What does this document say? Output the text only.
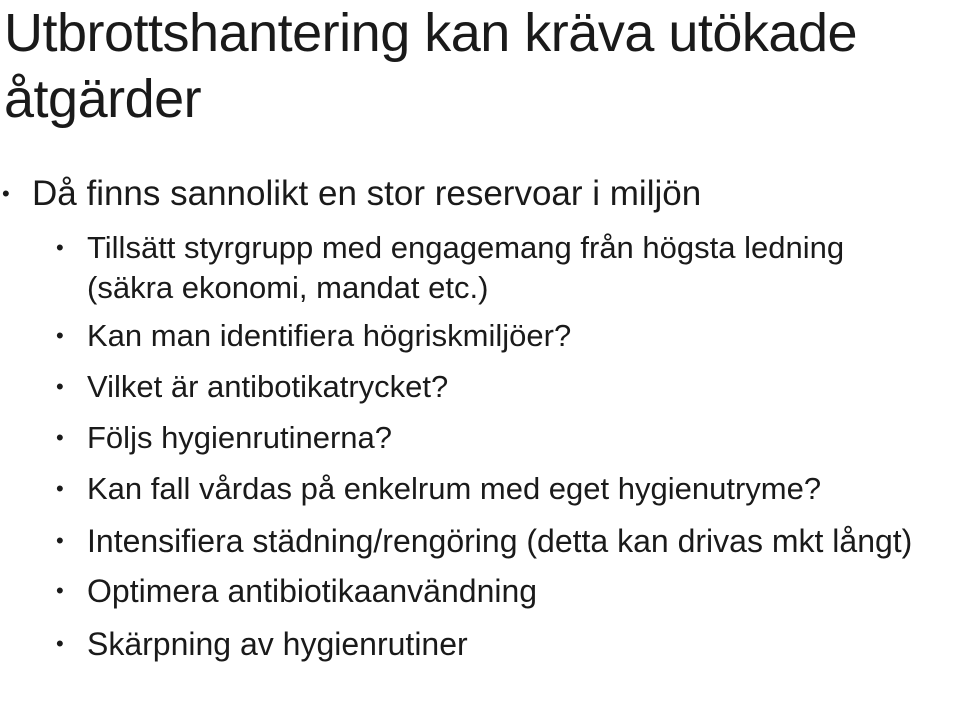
Utbrottshantering kan kräva utökade åtgärder
• Då finns sannolikt en stor reservoar i miljön
• Tillsätt styrgrupp med engagemang från högsta ledning (säkra ekonomi, mandat etc.)
• Kan man identifiera högriskmiljöer?
• Vilket är antibotikatrycket?
• Följs hygienrutinerna?
• Kan fall vårdas på enkelrum med eget hygienutryme?
• Intensifiera städning/rengöring (detta kan drivas mkt långt)
• Optimera antibiotikaanvändning
• Skärpning av hygienrutiner
